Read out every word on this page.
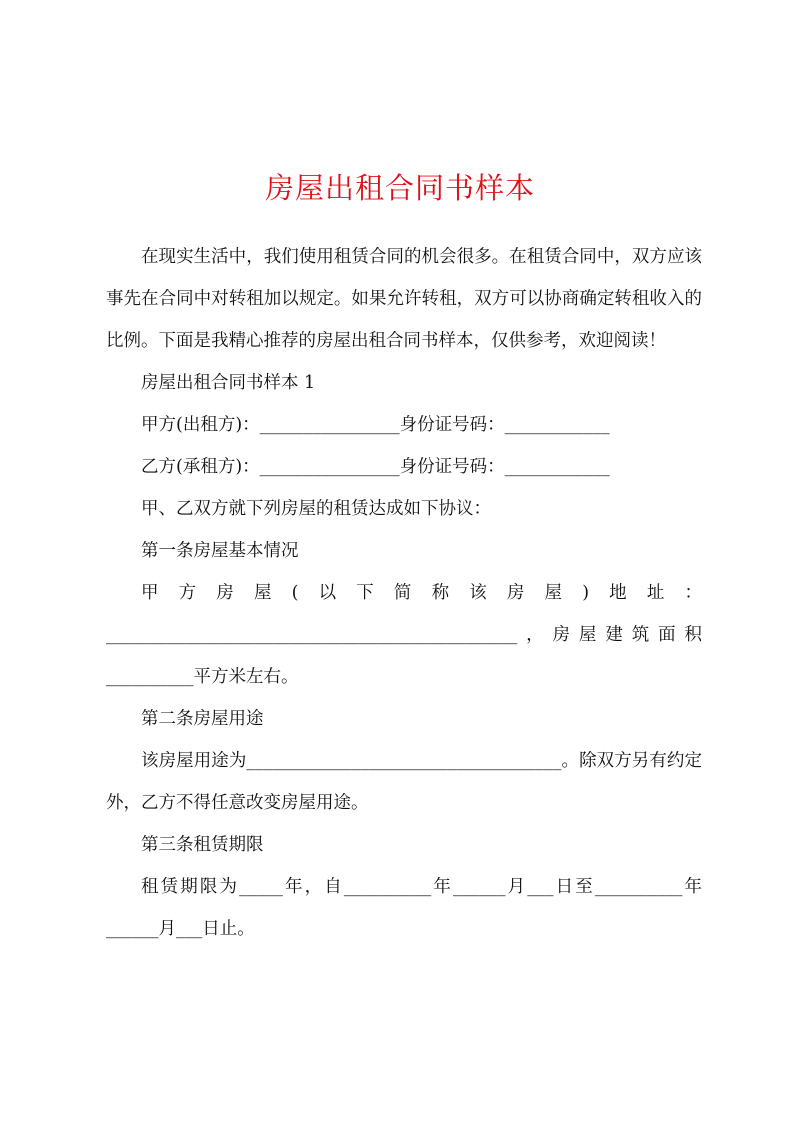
房屋出租合同书样本

在现实生活中，我们使用租赁合同的机会很多。在租赁合同中，双方应该事先在合同中对转租加以规定。如果允许转租，双方可以协商确定转租收入的比例。下面是我精心推荐的房屋出租合同书样本，仅供参考，欢迎阅读！

房屋出租合同书样本 1

甲方(出租方)：________________身份证号码：____________

乙方(承租方)：________________身份证号码：____________

甲、乙双方就下列房屋的租赁达成如下协议：

第一条房屋基本情况

甲方房屋(以下简称该房屋)地址：

_______________________________________________，房屋建筑面积

__________平方米左右。

第二条房屋用途

该房屋用途为____________________________________。除双方另有约定外，乙方不得任意改变房屋用途。

第三条租赁期限

租赁期限为_____年，自__________年______月___日至__________年

______月___日止。
